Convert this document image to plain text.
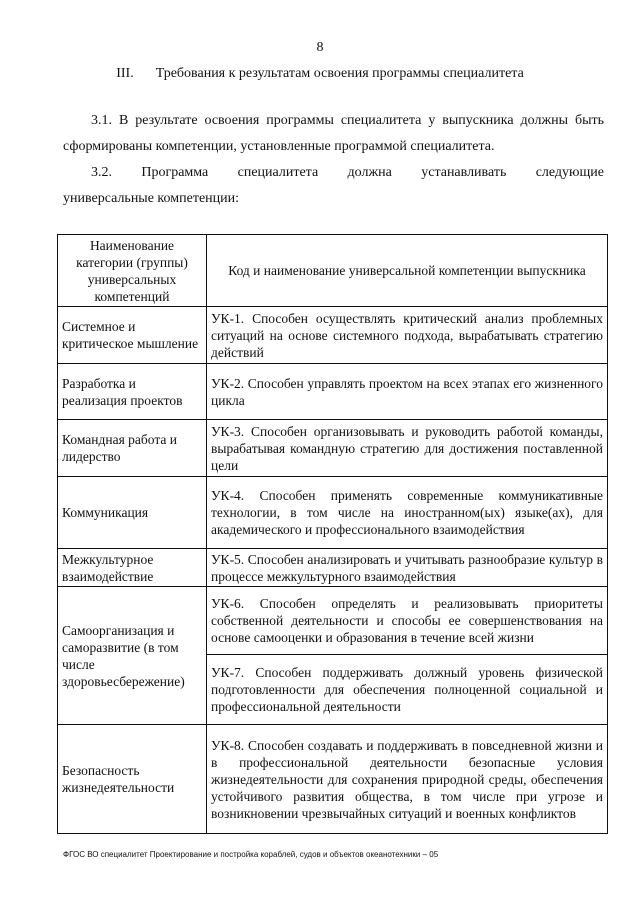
8
III. Требования к результатам освоения программы специалитета
3.1. В результате освоения программы специалитета у выпускника должны быть сформированы компетенции, установленные программой специалитета.
3.2. Программа специалитета должна устанавливать следующие
универсальные компетенции:
Наименование категории (группы) универсальных компетенций	Код и наименование универсальной компетенции выпускника
Системное и критическое мышление	УК-1. Способен осуществлять критический анализ проблемных ситуаций на основе системного подхода, вырабатывать стратегию действий
Разработка и реализация проектов	УК-2. Способен управлять проектом на всех этапах его жизненного цикла
Командная работа и лидерство	УК-3. Способен организовывать и руководить работой команды, вырабатывая командную стратегию для достижения поставленной цели
Коммуникация	УК-4. Способен применять современные коммуникативные технологии, в том числе на иностранном(ых) языке(ах), для академического и профессионального взаимодействия
Межкультурное взаимодействие	УК-5. Способен анализировать и учитывать разнообразие культур в процессе межкультурного взаимодействия
Самоорганизация и саморазвитие (в том числе здоровьесбережение)	УК-6. Способен определять и реализовывать приоритеты собственной деятельности и способы ее совершенствования на основе самооценки и образования в течение всей жизни
	УК-7. Способен поддерживать должный уровень физической подготовленности для обеспечения полноценной социальной и профессиональной деятельности
Безопасность жизнедеятельности	УК-8. Способен создавать и поддерживать в повседневной жизни и в профессиональной деятельности безопасные условия жизнедеятельности для сохранения природной среды, обеспечения устойчивого развития общества, в том числе при угрозе и возникновении чрезвычайных ситуаций и военных конфликтов
ФГОС ВО специалитет Проектирование и постройка кораблей, судов и объектов океанотехники – 05
